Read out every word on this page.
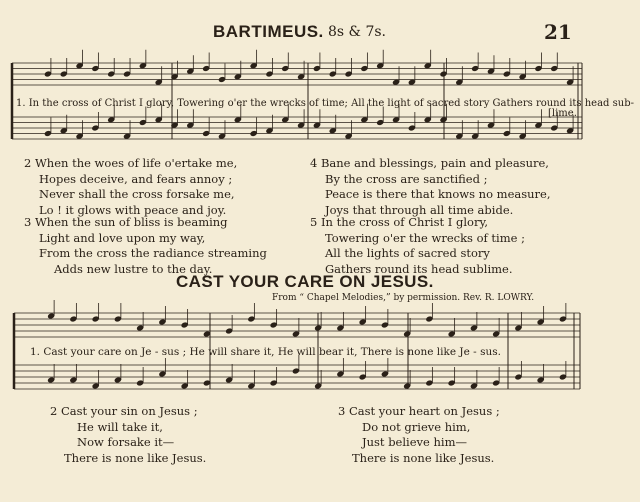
BARTIMEUS. 8s & 7s.	21
1. In the cross of Christ I glory, Towering o'er the wrecks of time; All the light of sacred story Gathers round its head sub-
[lime.
2 When the woes of life o'ertake me,
Hopes deceive, and fears annoy ;
Never shall the cross forsake me,
Lo ! it glows with peace and joy.
3 When the sun of bliss is beaming
Light and love upon my way,
From the cross the radiance streaming
Adds new lustre to the day.
4 Bane and blessings, pain and pleasure,
By the cross are sanctified ;
Peace is there that knows no measure,
Joys that through all time abide.
5 In the cross of Christ I glory,
Towering o'er the wrecks of time ;
All the lights of sacred story
Gathers round its head sublime.
CAST YOUR CARE ON JESUS.
From “ Chapel Melodies,” by permission. Rev. R. LOWRY.
1. Cast your care on Je - sus ; He will share it, He will bear it, There is none like Je - sus.
2 Cast your sin on Jesus ;
He will take it,
Now forsake it—
There is none like Jesus.
3 Cast your heart on Jesus ;
Do not grieve him,
Just believe him—
There is none like Jesus.
